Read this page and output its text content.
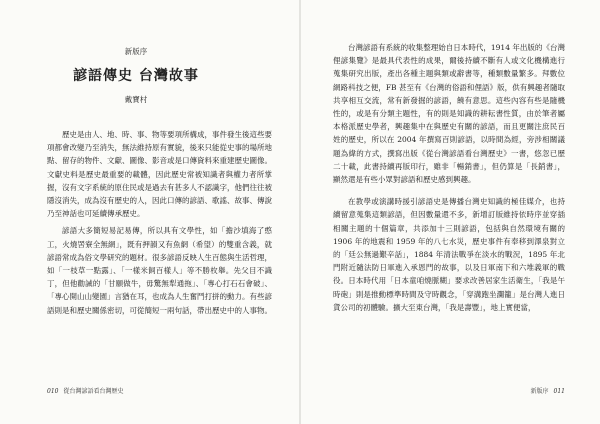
新版序
諺語傳史 台灣故事
戴寶村

歷史是由人、地、時、事、物等要項所構成，事件發生後這些要項都會改變乃至消失，無法維持原有實貌，後來只能從史事的場所地點、留存的物件、文獻、圖像、影音或是口傳資料來重建歷史圖像。文獻史料是歷史最重要的載體，因此歷史常被知識者與權力者所掌握，沒有文字系統的原住民或是過去有甚多人不認識字，他們往往被隱沒消失，成為沒有歷史的人，因此口傳的諺語、歌謠、故事、傳說乃至神話也可延續傳承歷史。

諺語大多簡短易記易傳，所以具有文學性，如「擔沙填海了憨工，火燒罟寮全無網」，既有押韻又有魚網（希望）的雙重含義，就諺語常成為俗文學研究的題材。很多諺語反映人生百態與生活哲理，如「一枝草一點露」、「一樣米飼百樣人」等不勝枚舉。先父目不識丁，但他勸誡的「甘願做牛，毋驚無犁通拖」、「專心打石石會破」、「專心開山山變園」言猶在耳，也成為人生奮鬥打拼的動力。有些諺語則是和歷史關係密切，可從簡短一兩句話，帶出歷史中的人事物。

010 從台灣諺語看台灣歷史

台灣諺語有系統的收集整理始自日本時代，1914 年出版的《台灣俚諺集覽》是最具代表性的成果，爾後持續不斷有人或文化機構進行蒐集研究出版，產出各種主題與類或辭書等，種類數量繁多。拜數位網路科技之便，FB 甚至有《台灣的俗語和俚語》版，供有興趣者隨取共享相互交流，常有新發掘的諺語，饒有意思。這些內容有些是隨機性的，或是有分類主題性，有的則是知識的耕耘書性質，由於筆者屬本格派歷史學者，興趣集中在與歷史有關的諺語，而且更關注庶民百姓的歷史，所以在 2004 年撰寫百則諺語，以時間為經，旁涉相關議題為緯的方式，撰寫出版《從台灣諺語看台灣歷史》一書，悠忽已歷二十載，此書持續再版印行，雖非「暢銷書」，但仍算是「長銷書」，顯然還是有些小眾對諺語和歷史感到興趣。

在教學或演講時援引諺語史是傳播台灣史知識的極佳媒介，也持續留意蒐集這類諺語，但因數量還不多，新增訂版維持依時序並穿插相關主題的十個篇章，共添加十三則諺語，包括與自然環境有關的 1906 年的地震和 1959 年的八七水災，歷史事件有奉移到澤泉對立的「廷公無過艱辛話」，1884 年清法戰爭在淡水的戰況，1895 年北門附近隨法防日軍進入承恩門的故事，以及日軍南下和六堆義軍的戰役。日本時代用「日本童咱燒脈糊」要求改善居家生活衛生，「我是午時砲」則是推動標準時間及守時觀念，「穿溝跑坐瀾籠」是台灣人進日貨公司的初體驗。擴大至東台灣，「我是壽豐」，地上實便當，

新版序 011
